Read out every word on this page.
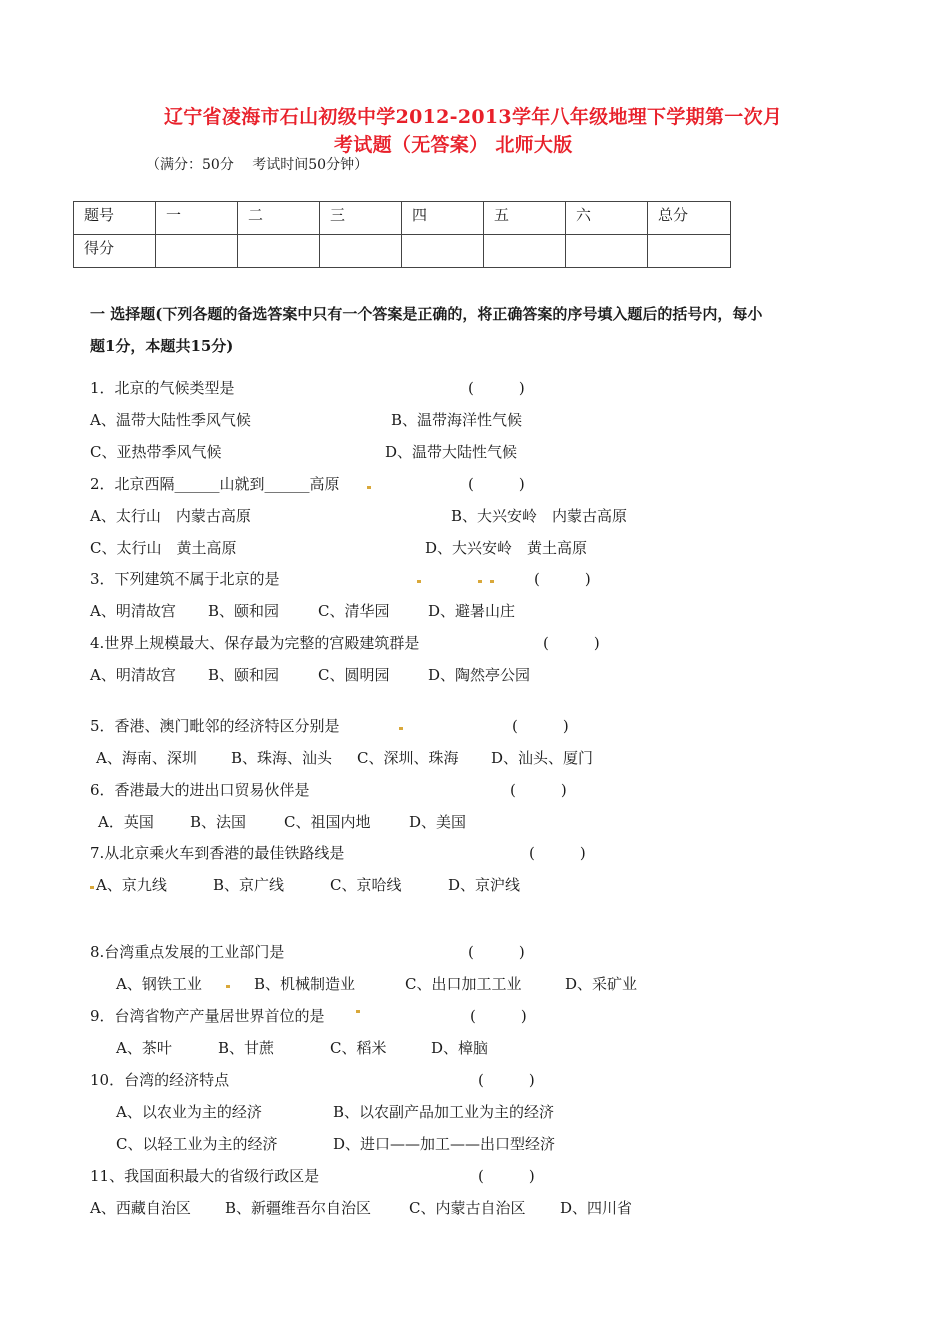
辽宁省凌海市石山初级中学2012-2013学年八年级地理下学期第一次月
考试题（无答案） 北师大版
（满分：50分　 考试时间50分钟）
题号	一	二	三	四	五	六	总分
得分							
一 选择题(下列各题的备选答案中只有一个答案是正确的，将正确答案的序号填入题后的括号内，每小
题1分，本题共15分)
1．北京的气候类型是	(　　　)
A、温带大陆性季风气候	B、温带海洋性气候
C、亚热带季风气候	D、温带大陆性气候
2．北京西隔______山就到______高原	(　　　)
A、太行山　内蒙古高原	B、大兴安岭　内蒙古高原
C、太行山　黄土高原	D、大兴安岭　黄土高原
3．下列建筑不属于北京的是	(　　　)
A、明清故宫 B、颐和园	C、清华园	D、避暑山庄
4.世界上规模最大、保存最为完整的宫殿建筑群是	(　　　)
A、明清故宫 B、颐和园	C、圆明园	D、陶然亭公园
5．香港、澳门毗邻的经济特区分别是	(　　　)
A、海南、深圳 B、珠海、汕头 C、深圳、珠海 D、汕头、厦门
6．香港最大的进出口贸易伙伴是	(　　　)
A．英国 B、法国	C、祖国内地	D、美国
7.从北京乘火车到香港的最佳铁路线是	(　　　)
A、京九线	B、京广线	C、京哈线	D、京沪线
8.台湾重点发展的工业部门是	(　　　)
A、钢铁工业	B、机械制造业	C、出口加工工业	D、采矿业
9．台湾省物产产量居世界首位的是	(　　　)
A、茶叶	B、甘蔗	C、稻米	D、樟脑
10．台湾的经济特点	(　　　)
A、以农业为主的经济	B、以农副产品加工业为主的经济
C、以轻工业为主的经济	D、进口——加工——出口型经济
11、我国面积最大的省级行政区是	(　　　)
A、西藏自治区 B、新疆维吾尔自治区	C、内蒙古自治区 D、四川省
